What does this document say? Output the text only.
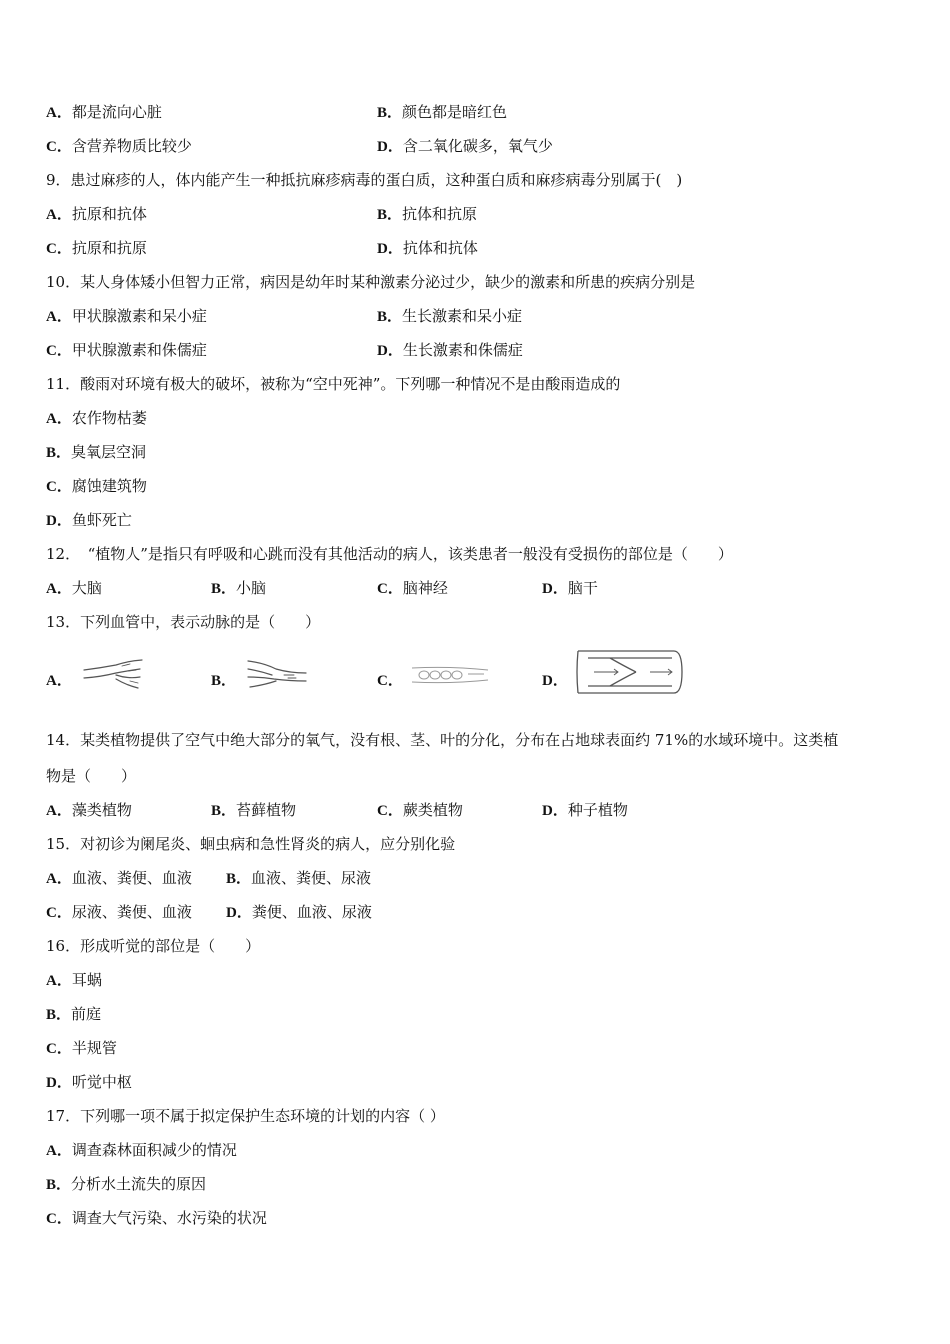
A．都是流向心脏	B．颜色都是暗红色
C．含营养物质比较少	D．含二氧化碳多，氧气少
9．患过麻疹的人，体内能产生一种抵抗麻疹病毒的蛋白质，这种蛋白质和麻疹病毒分别属于(　)
A．抗原和抗体	B．抗体和抗原
C．抗原和抗原	D．抗体和抗体
10．某人身体矮小但智力正常，病因是幼年时某种激素分泌过少，缺少的激素和所患的疾病分别是
A．甲状腺激素和呆小症	B．生长激素和呆小症
C．甲状腺激素和侏儒症	D．生长激素和侏儒症
11．酸雨对环境有极大的破坏，被称为“空中死神”。下列哪一种情况不是由酸雨造成的
A．农作物枯萎
B．臭氧层空洞
C．腐蚀建筑物
D．鱼虾死亡
12．　“植物人”是指只有呼吸和心跳而没有其他活动的病人，该类患者一般没有受损伤的部位是（　　）
A．大脑	B．小脑	C．脑神经	D．脑干
13．下列血管中，表示动脉的是（　　）
A．	B．	C．	D．
14．某类植物提供了空气中绝大部分的氧气，没有根、茎、叶的分化，分布在占地球表面约 71%的水域环境中。这类植
物是（　　）
A．藻类植物	B．苔藓植物	C．蕨类植物	D．种子植物
15．对初诊为阑尾炎、蛔虫病和急性肾炎的病人，应分别化验
A．血液、粪便、血液 B．血液、粪便、尿液
C．尿液、粪便、血液 D．粪便、血液、尿液
16．形成听觉的部位是（　　）
A．耳蜗
B．前庭
C．半规管
D．听觉中枢
17．下列哪一项不属于拟定保护生态环境的计划的内容（ ）
A．调查森林面积减少的情况
B．分析水土流失的原因
C．调查大气污染、水污染的状况
